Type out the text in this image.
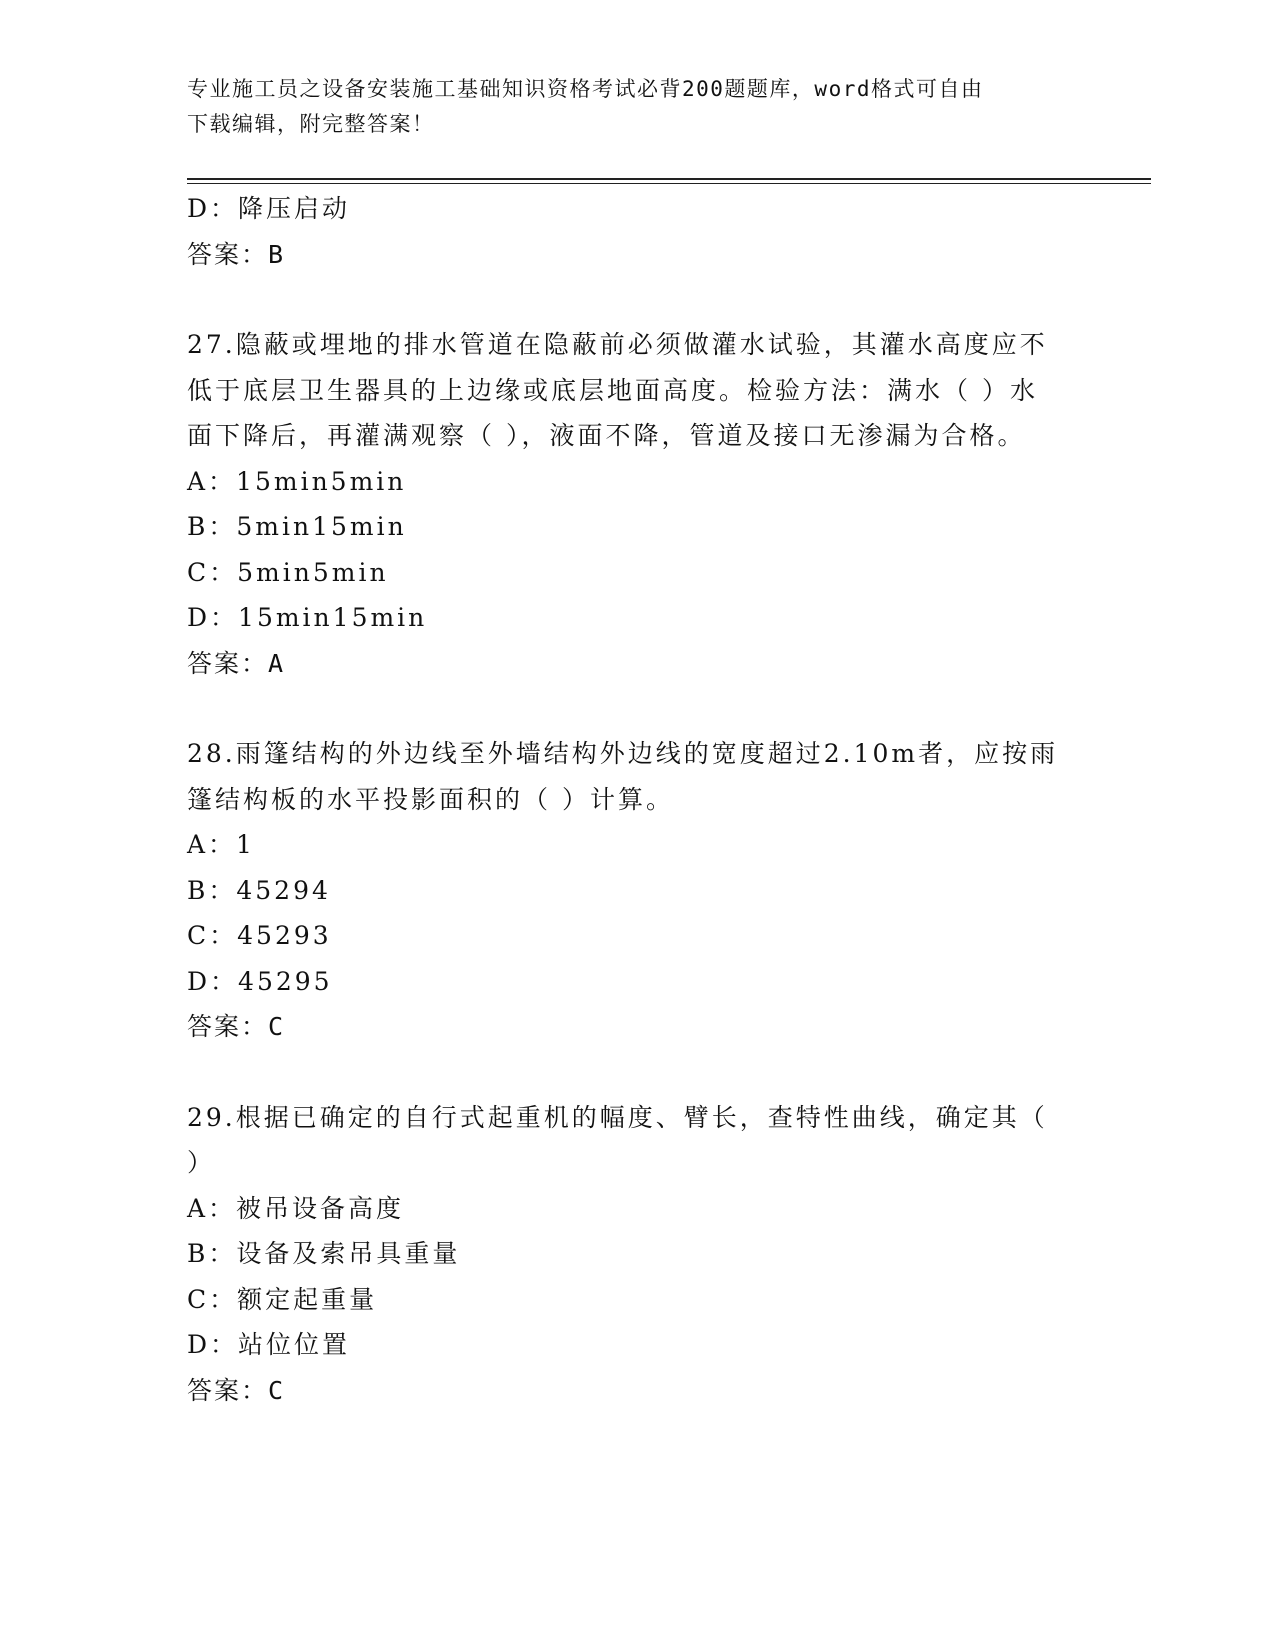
专业施工员之设备安装施工基础知识资格考试必背200题题库，word格式可自由
下载编辑，附完整答案！
D：降压启动
答案：B
27.隐蔽或埋地的排水管道在隐蔽前必须做灌水试验，其灌水高度应不
低于底层卫生器具的上边缘或底层地面高度。检验方法：满水（ ）水
面下降后，再灌满观察（ ），液面不降，管道及接口无渗漏为合格。
A：15min5min
B：5min15min
C：5min5min
D：15min15min
答案：A
28.雨篷结构的外边线至外墙结构外边线的宽度超过2.10m者，应按雨
篷结构板的水平投影面积的（ ）计算。
A：1
B：45294
C：45293
D：45295
答案：C
29.根据已确定的自行式起重机的幅度、臂长，查特性曲线，确定其（
）
A：被吊设备高度
B：设备及索吊具重量
C：额定起重量
D：站位位置
答案：C
